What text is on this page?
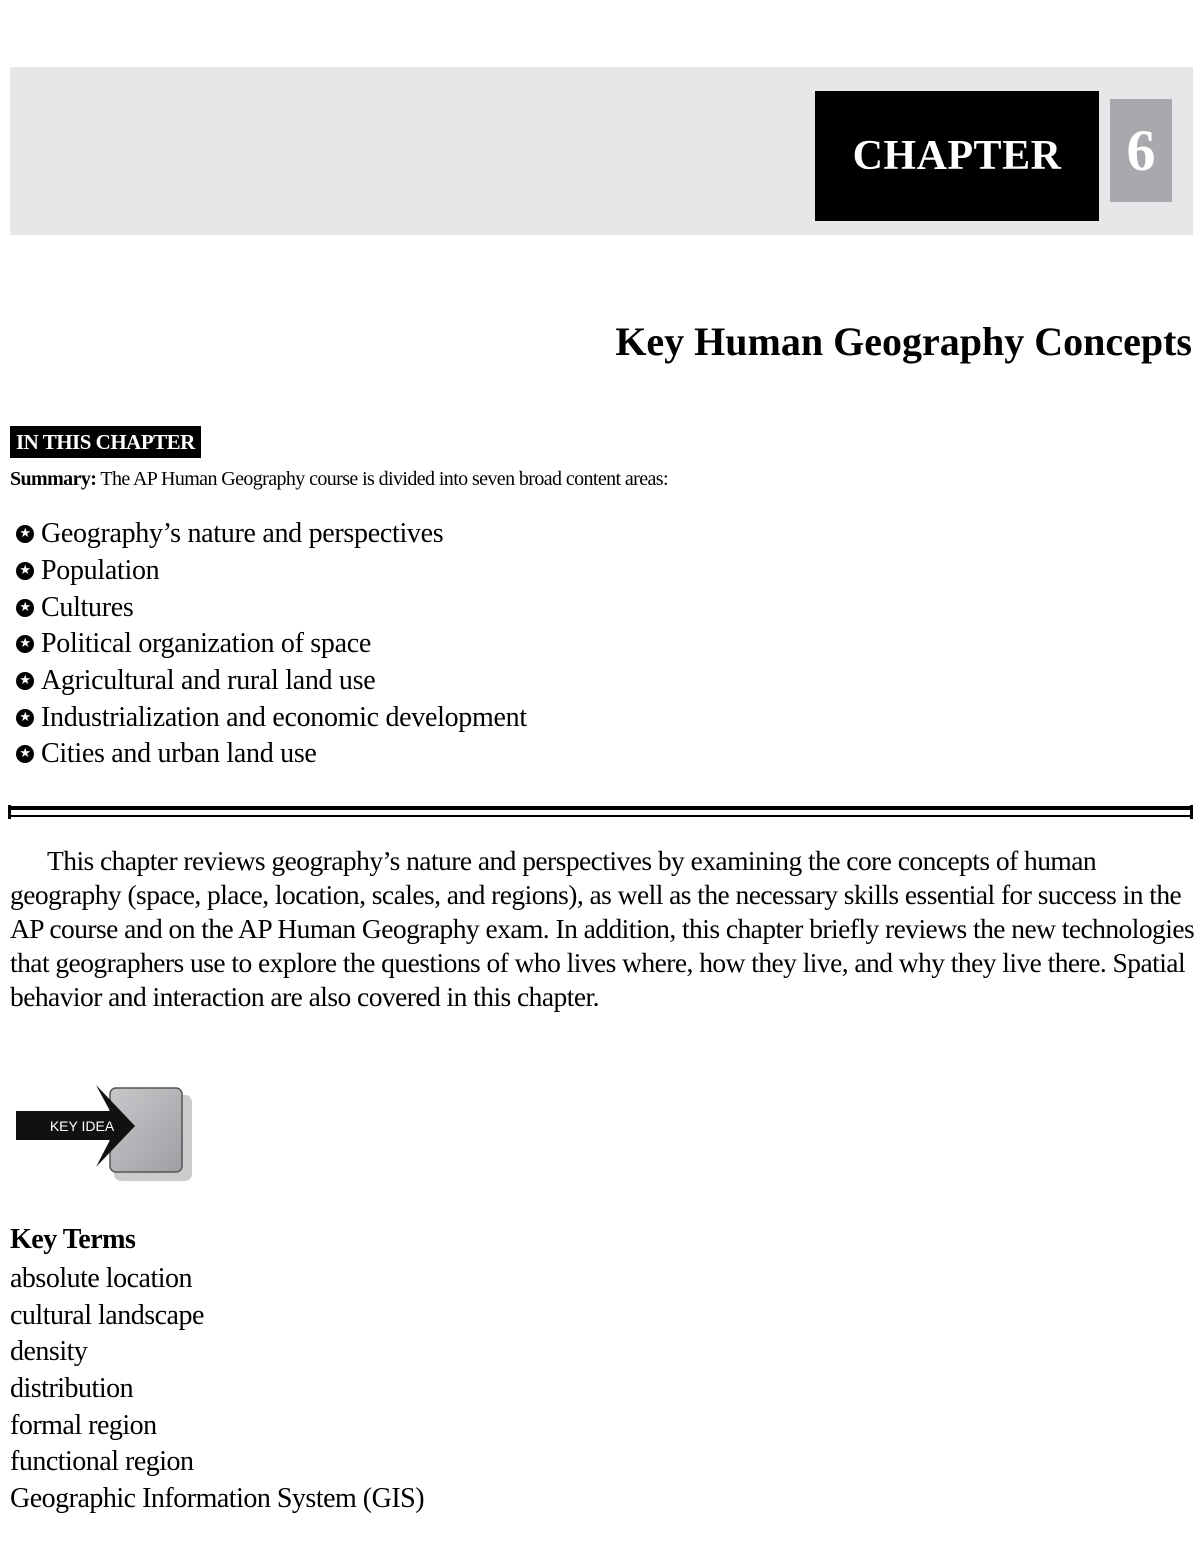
CHAPTER	6
Key Human Geography Concepts
IN THIS CHAPTER
Summary: The AP Human Geography course is divided into seven broad content areas:
★
Geography’s nature and perspectives
★
Population
★
Cultures
★
Political organization of space
★
Agricultural and rural land use
★
Industrialization and economic development
★
Cities and urban land use

This chapter reviews geography’s nature and perspectives by examining the core concepts of human geography (space, place, location, scales, and regions), as well as the necessary skills essential for success in the AP course and on the AP Human Geography exam. In addition, this chapter briefly reviews the new technologies that geographers use to explore the questions of who lives where, how they live, and why they live there. Spatial behavior and interaction are also covered in this chapter.

KEY IDEA
Key Terms
absolute location
cultural landscape
density
distribution
formal region
functional region
Geographic Information System (GIS)
